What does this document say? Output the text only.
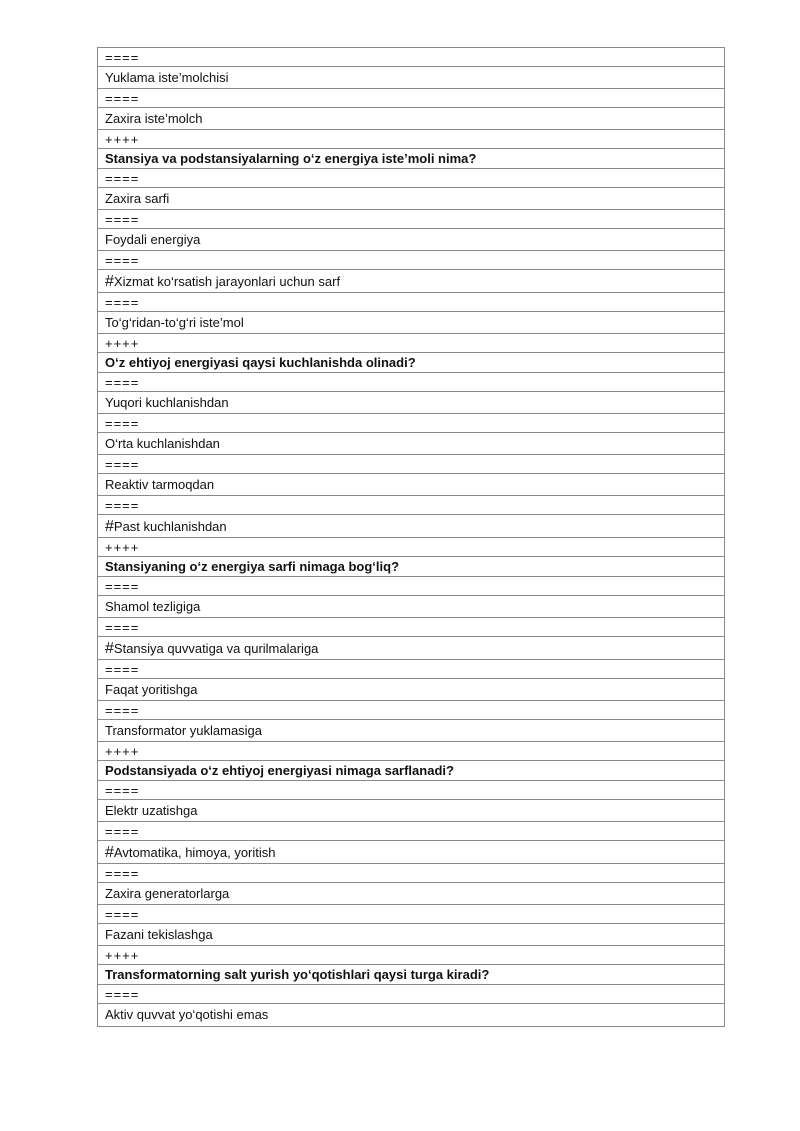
====
Yuklama iste’molchisi
====
Zaxira iste’molch
++++
Stansiya va podstansiyalarning o‘z energiya iste’moli nima?
====
Zaxira sarfi
====
Foydali energiya
====
#Xizmat ko‘rsatish jarayonlari uchun sarf
====
To‘g‘ridan-to‘g‘ri iste’mol
++++
O‘z ehtiyoj energiyasi qaysi kuchlanishda olinadi?
====
Yuqori kuchlanishdan
====
O‘rta kuchlanishdan
====
Reaktiv tarmoqdan
====
#Past kuchlanishdan
++++
Stansiyaning o‘z energiya sarfi nimaga bog‘liq?
====
Shamol tezligiga
====
#Stansiya quvvatiga va qurilmalariga
====
Faqat yoritishga
====
Transformator yuklamasiga
++++
Podstansiyada o‘z ehtiyoj energiyasi nimaga sarflanadi?
====
Elektr uzatishga
====
#Avtomatika, himoya, yoritish
====
Zaxira generatorlarga
====
Fazani tekislashga
++++
Transformatorning salt yurish yo‘qotishlari qaysi turga kiradi?
====
Aktiv quvvat yo‘qotishi emas
